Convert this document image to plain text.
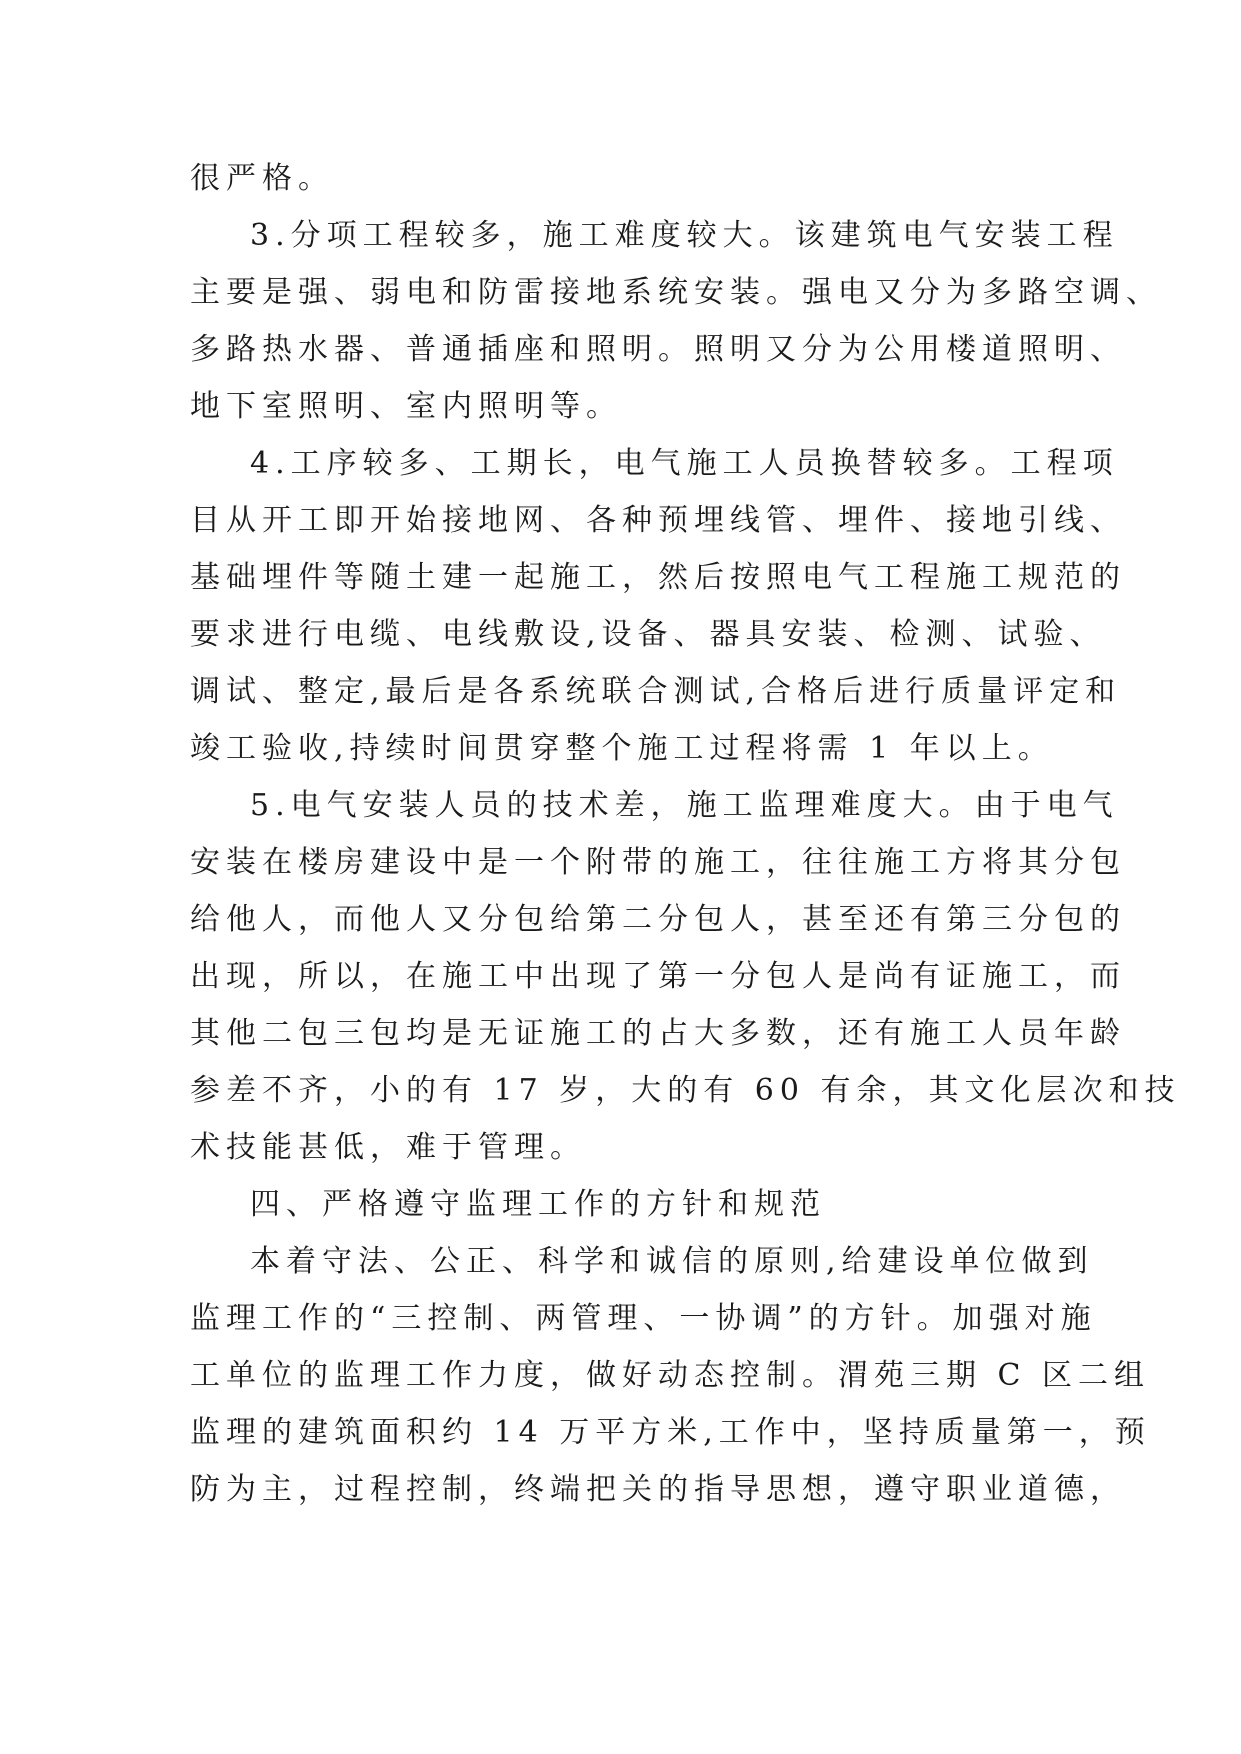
很严格。
3.分项工程较多，施工难度较大。该建筑电气安装工程
主要是强、弱电和防雷接地系统安装。强电又分为多路空调、
多路热水器、普通插座和照明。照明又分为公用楼道照明、
地下室照明、室内照明等。
4.工序较多、工期长，电气施工人员换替较多。工程项
目从开工即开始接地网、各种预埋线管、埋件、接地引线、
基础埋件等随土建一起施工，然后按照电气工程施工规范的
要求进行电缆、电线敷设,设备、器具安装、检测、试验、
调试、整定,最后是各系统联合测试,合格后进行质量评定和
竣工验收,持续时间贯穿整个施工过程将需 1 年以上。
5.电气安装人员的技术差，施工监理难度大。由于电气
安装在楼房建设中是一个附带的施工，往往施工方将其分包
给他人，而他人又分包给第二分包人，甚至还有第三分包的
出现，所以，在施工中出现了第一分包人是尚有证施工，而
其他二包三包均是无证施工的占大多数，还有施工人员年龄
参差不齐，小的有 17 岁，大的有 60 有余，其文化层次和技
术技能甚低，难于管理。
四、严格遵守监理工作的方针和规范
本着守法、公正、科学和诚信的原则,给建设单位做到
监理工作的“三控制、两管理、一协调”的方针。加强对施
工单位的监理工作力度，做好动态控制。渭苑三期 C 区二组
监理的建筑面积约 14 万平方米,工作中，坚持质量第一，预
防为主，过程控制，终端把关的指导思想，遵守职业道德，
